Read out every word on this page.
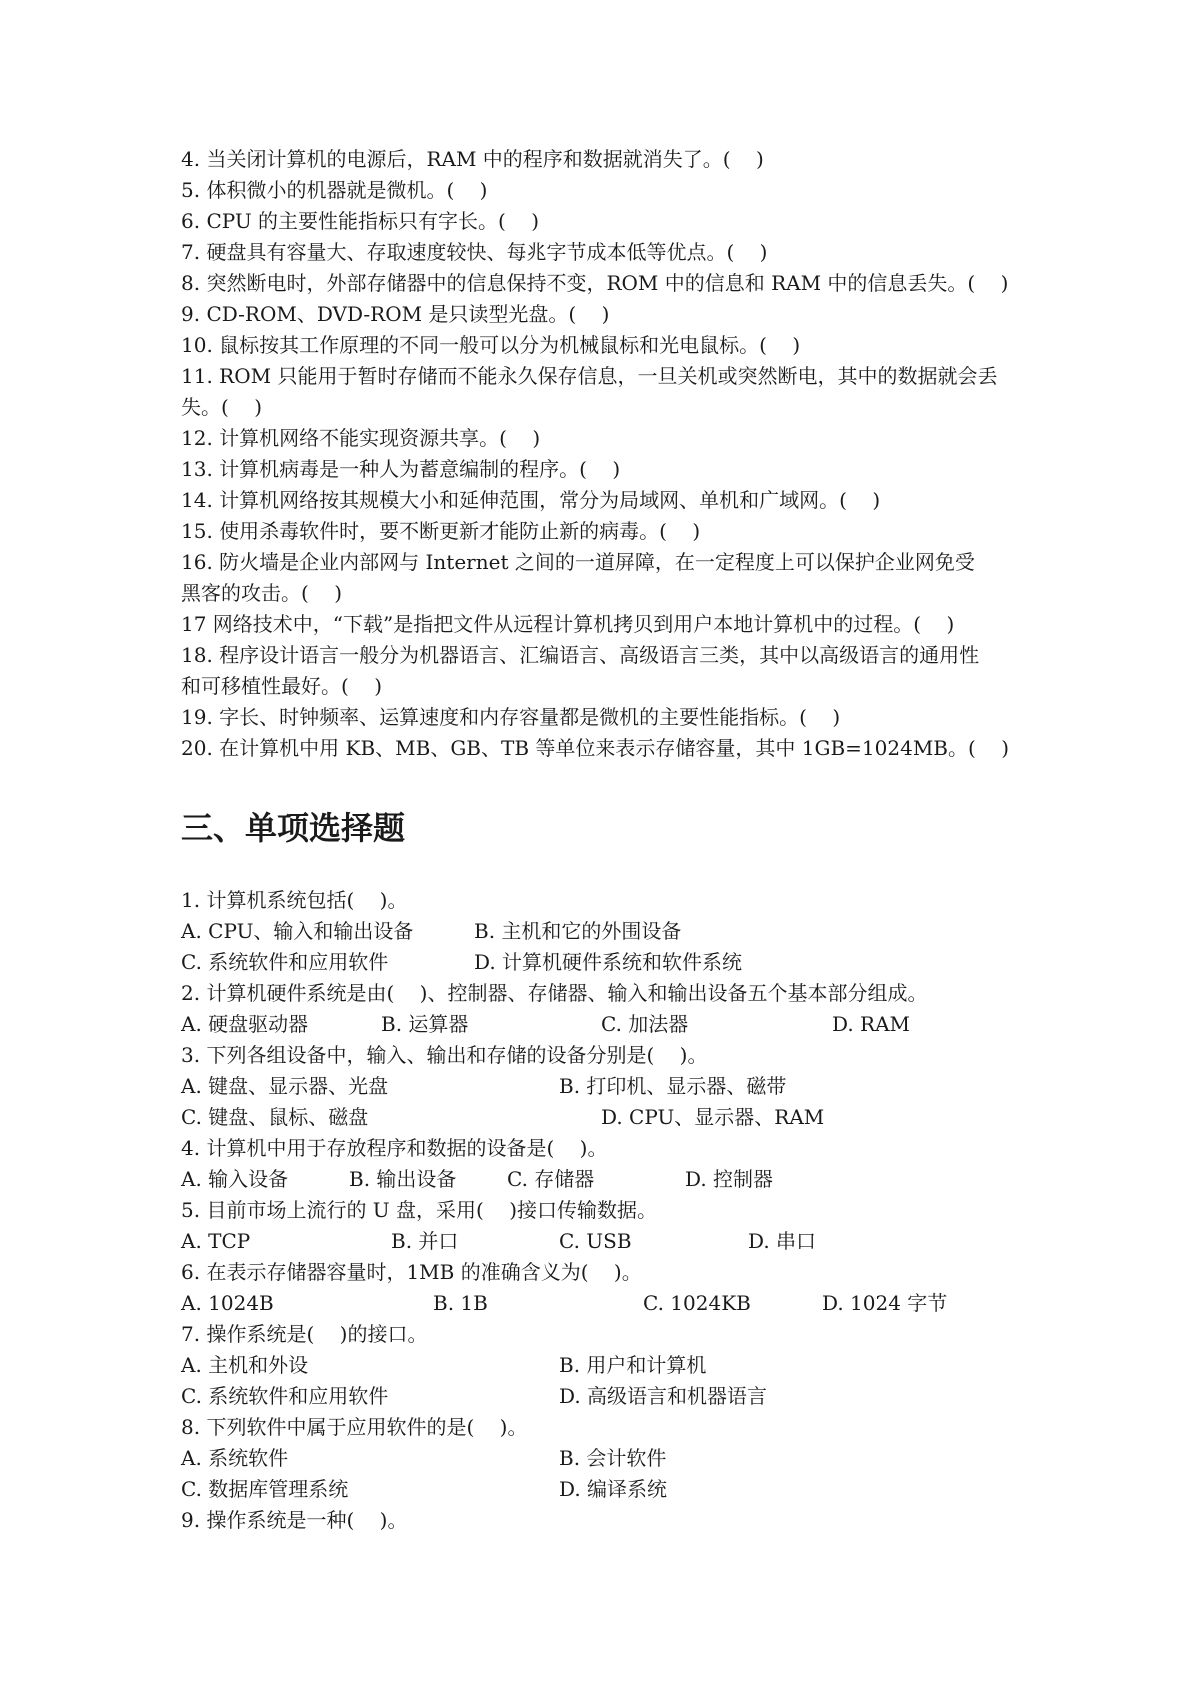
4. 当关闭计算机的电源后，RAM 中的程序和数据就消失了。(    )
5. 体积微小的机器就是微机。(    )
6. CPU 的主要性能指标只有字长。(    )
7. 硬盘具有容量大、存取速度较快、每兆字节成本低等优点。(    )
8. 突然断电时，外部存储器中的信息保持不变，ROM 中的信息和 RAM 中的信息丢失。(    )
9. CD-ROM、DVD-ROM 是只读型光盘。(    )
10. 鼠标按其工作原理的不同一般可以分为机械鼠标和光电鼠标。(    )
11. ROM 只能用于暂时存储而不能永久保存信息，一旦关机或突然断电，其中的数据就会丢
失。(    )
12. 计算机网络不能实现资源共享。(    )
13. 计算机病毒是一种人为蓄意编制的程序。(    )
14. 计算机网络按其规模大小和延伸范围，常分为局域网、单机和广域网。(    )
15. 使用杀毒软件时，要不断更新才能防止新的病毒。(    )
16. 防火墙是企业内部网与 Internet 之间的一道屏障，在一定程度上可以保护企业网免受
黑客的攻击。(    )
17 网络技术中，“下载”是指把文件从远程计算机拷贝到用户本地计算机中的过程。(    )
18. 程序设计语言一般分为机器语言、汇编语言、高级语言三类，其中以高级语言的通用性
和可移植性最好。(    )
19. 字长、时钟频率、运算速度和内存容量都是微机的主要性能指标。(    )
20. 在计算机中用 KB、MB、GB、TB 等单位来表示存储容量，其中 1GB=1024MB。(    )
三、单项选择题
1. 计算机系统包括(    )。
A. CPU、输入和输出设备	B. 主机和它的外围设备
C. 系统软件和应用软件	D. 计算机硬件系统和软件系统
2. 计算机硬件系统是由(    )、控制器、存储器、输入和输出设备五个基本部分组成。
A. 硬盘驱动器	B. 运算器	C. 加法器	D. RAM
3. 下列各组设备中，输入、输出和存储的设备分别是(    )。
A. 键盘、显示器、光盘	B. 打印机、显示器、磁带
C. 键盘、鼠标、磁盘	D. CPU、显示器、RAM
4. 计算机中用于存放程序和数据的设备是(    )。
A. 输入设备	B. 输出设备	C. 存储器	D. 控制器
5. 目前市场上流行的 U 盘，采用(    )接口传输数据。
A. TCP	B. 并口	C. USB	D. 串口
6. 在表示存储器容量时，1MB 的准确含义为(    )。
A. 1024B	B. 1B	C. 1024KB	D. 1024 字节
7. 操作系统是(    )的接口。
A. 主机和外设	B. 用户和计算机
C. 系统软件和应用软件	D. 高级语言和机器语言
8. 下列软件中属于应用软件的是(    )。
A. 系统软件	B. 会计软件
C. 数据库管理系统	D. 编译系统
9. 操作系统是一种(    )。
